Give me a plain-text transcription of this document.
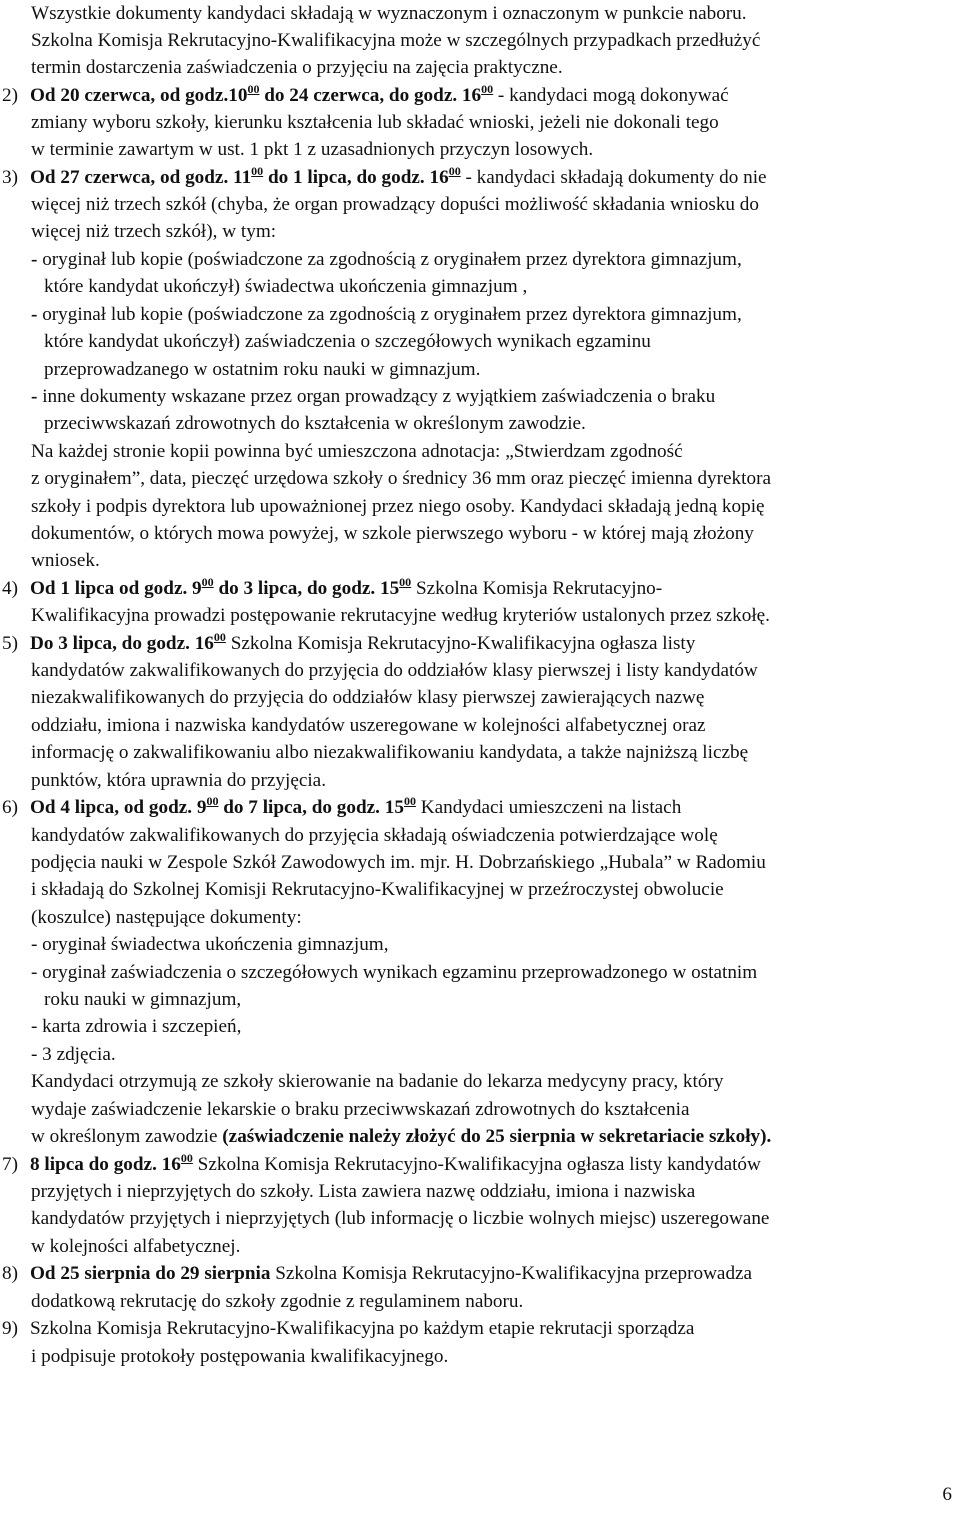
Wszystkie dokumenty kandydaci składają w wyznaczonym i oznaczonym w punkcie naboru.
Szkolna Komisja Rekrutacyjno-Kwalifikacyjna może w szczególnych przypadkach przedłużyć
termin dostarczenia zaświadczenia o przyjęciu na zajęcia praktyczne.
2) Od 20 czerwca, od $godz.10^{00}$ do 24 czerwca, do godz. $16^{00}$ - kandydaci mogą dokonywać
zmiany wyboru szkoły, kierunku kształcenia lub składać wnioski, jeżeli nie dokonali tego
w terminie zawartym w ust. 1 pkt 1 z uzasadnionych przyczyn losowych.
3) Od 27 czerwca, od godz. $11^{00}$ do 1 lipca, do godz. $16^{00}$ - kandydaci składają dokumenty do nie
więcej niż trzech szkół (chyba, że organ prowadzący dopuści możliwość składania wniosku do
więcej niż trzech szkół), w tym:
- oryginał lub kopie (poświadczone za zgodnością z oryginałem przez dyrektora gimnazjum,
które kandydat ukończył) świadectwa ukończenia gimnazjum ,
- oryginał lub kopie (poświadczone za zgodnością z oryginałem przez dyrektora gimnazjum,
które kandydat ukończył) zaświadczenia o szczegółowych wynikach egzaminu
przeprowadzanego w ostatnim roku nauki w gimnazjum.
- inne dokumenty wskazane przez organ prowadzący z wyjątkiem zaświadczenia o braku
przeciwwskazań zdrowotnych do kształcenia w określonym zawodzie.
Na każdej stronie kopii powinna być umieszczona adnotacja: „Stwierdzam zgodność
z oryginałem”, data, pieczęć urzędowa szkoły o średnicy 36 mm oraz pieczęć imienna dyrektora
szkoły i podpis dyrektora lub upoważnionej przez niego osoby. Kandydaci składają jedną kopię
dokumentów, o których mowa powyżej, w szkole pierwszego wyboru - w której mają złożony
wniosek.
4) Od 1 lipca od godz. $9^{00}$ do 3 lipca, do godz. $15^{00}$ Szkolna Komisja Rekrutacyjno-
Kwalifikacyjna prowadzi postępowanie rekrutacyjne według kryteriów ustalonych przez szkołę.
5) Do 3 lipca, do godz. $16^{00}$ Szkolna Komisja Rekrutacyjno-Kwalifikacyjna ogłasza listy
kandydatów zakwalifikowanych do przyjęcia do oddziałów klasy pierwszej i listy kandydatów
niezakwalifikowanych do przyjęcia do oddziałów klasy pierwszej zawierających nazwę
oddziału, imiona i nazwiska kandydatów uszeregowane w kolejności alfabetycznej oraz
informację o zakwalifikowaniu albo niezakwalifikowaniu kandydata, a także najniższą liczbę
punktów, która uprawnia do przyjęcia.
6) Od 4 lipca, od godz. $9^{00}$ do 7 lipca, do godz. $15^{00}$ Kandydaci umieszczeni na listach
kandydatów zakwalifikowanych do przyjęcia składają oświadczenia potwierdzające wolę
podjęcia nauki w Zespole Szkół Zawodowych im. mjr. H. Dobrzańskiego „Hubala” w Radomiu
i składają do Szkolnej Komisji Rekrutacyjno-Kwalifikacyjnej w przeźroczystej obwolucie
(koszulce) następujące dokumenty:
- oryginał świadectwa ukończenia gimnazjum,
- oryginał zaświadczenia o szczegółowych wynikach egzaminu przeprowadzonego w ostatnim
roku nauki w gimnazjum,
- karta zdrowia i szczepień,
- 3 zdjęcia.
Kandydaci otrzymują ze szkoły skierowanie na badanie do lekarza medycyny pracy, który
wydaje zaświadczenie lekarskie o braku przeciwwskazań zdrowotnych do kształcenia
w określonym zawodzie (zaświadczenie należy złożyć do 25 sierpnia w sekretariacie szkoły).
7) 8 lipca do godz. $16^{00}$ Szkolna Komisja Rekrutacyjno-Kwalifikacyjna ogłasza listy kandydatów
przyjętych i nieprzyjętych do szkoły. Lista zawiera nazwę oddziału, imiona i nazwiska
kandydatów przyjętych i nieprzyjętych (lub informację o liczbie wolnych miejsc) uszeregowane
w kolejności alfabetycznej.
8) Od 25 sierpnia do 29 sierpnia Szkolna Komisja Rekrutacyjno-Kwalifikacyjna przeprowadza
dodatkową rekrutację do szkoły zgodnie z regulaminem naboru.
9) Szkolna Komisja Rekrutacyjno-Kwalifikacyjna po każdym etapie rekrutacji sporządza
i podpisuje protokoły postępowania kwalifikacyjnego.
6
